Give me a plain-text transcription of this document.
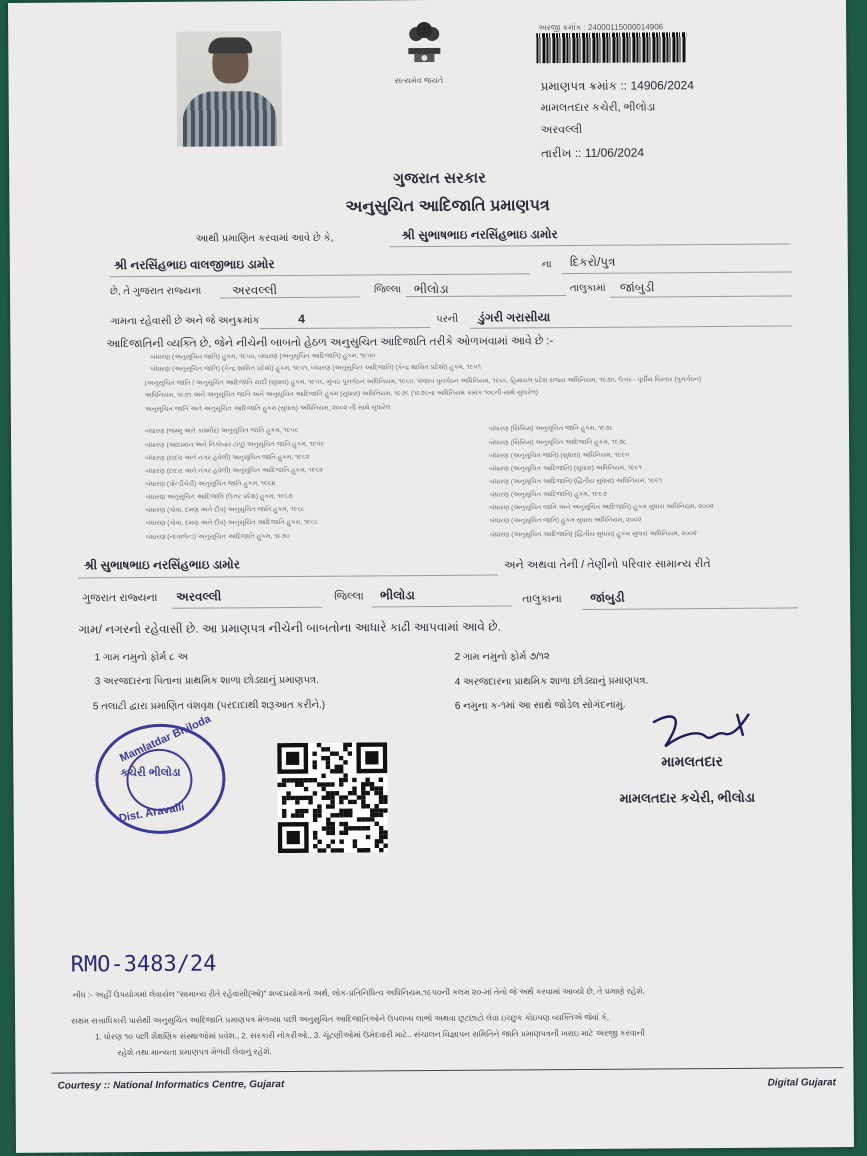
સત્યમેવ જયતે
અરજી ક્રમાંક : 24000115000014906
પ્રમાણપત્ર ક્રમાંક :: 14906/2024
મામલતદાર કચેરી, ભીલોડા
અરવલ્લી
તારીખ :: 11/06/2024
ગુજરાત સરકાર
અનુસુચિત આદિજાતિ પ્રમાણપત્ર
આથી પ્રમાણિત કરવામાં આવે છે કે,	શ્રી સુભાષભાઇ નરસિંહભાઇ ડામોર
શ્રી નરસિંહભાઇ વાલજીભાઇ ડામોર	ના દિકરો/પુત્ર
છે, તે ગુજરાત રાજ્યના	અરવલ્લી	જિલ્લા ભીલોડા	તાલુકામાં જાંબુડી
ગામના રહેવાસી છે અને જે અનુક્રમાંક	4	પરની ડુંગરી ગરાસીયા
આદિજાતિની વ્યક્તિ છે, જેને નીચેની બાબતો હેઠળ અનુસુચિત આદિજાતિ તરીકે ઓળખવામાં આવે છે :-
બંધારણ (અનુસૂચિત જાતિ) હુકમ, ૧૯૫૦, બંધારણ (અનુસૂચિત આદિજાતિ) હુકમ, ૧૯૫૦
બંધારણ (અનુસૂચિત જાતિ) (કેન્દ્ર શાસિત પ્રદેશો) હુકમ, ૧૯૫૧, બંધારણ (અનુસૂચિત આદિજાતિ) (કેન્દ્ર શાસિત પ્રદેશો) હુકમ, ૧૯૫૧
(અનુસૂચિત જાતિ / અનુસૂચિત આદિજાતિ યાદી (સુધારા) હુકમ, ૧૯૫૬, મુંબઇ પુનર્ગઠન અધિનિયમ, ૧૯૬૦, પંજાબ પુનર્ગઠન અધિનિયમ, ૧૯૬૬, હિમાચલ પ્રદેશ રાજ્ય અધિનિયમ, ૧૯૭૦, ઉત્તર - પૂર્વીય વિસ્તાર (પુનર્ગઠન)
અધિનિયમ, ૧૯૭૧ અને અનુસૂચિત જાતિ અને અનુસૂચિત આદિજાતિ હુકમ (સુધારા) અધિનિયમ, ૧૯૭૬ (૧૯૭૬ના અધિનિયમ ક્રમાંક ૧૦૮ની સાથે સુધારેલ)
અનુસૂચિત જાતિ અને અનુસૂચિત આદિજાતિ હુકમ (સુધારા) અધિનિયમ, ૨૦૦૨ ની સાથે સુધારેલ
બંધારણ (જમ્મુ અને કાશ્મીર) અનુસૂચિત જાતિ હુકમ, ૧૯૫૬
બંધારણ (આંદામાન અને નિકોબાર ટાપુ) અનુસૂચિત જાતિ હુકમ, ૧૯૫૯
બંધારણ (દાદરા અને નગર હવેલી) અનુસૂચિત જાતિ હુકમ, ૧૯૬૨
બંધારણ (દાદરા અને નગર હવેલી) અનુસૂચિત આદિજાતિ હુકમ, ૧૯૬૨
બંધારણ (પોન્ડીચેરી) અનુસૂચિત જાતિ હુકમ, ૧૯૬૪
બંધારણ અનુસૂચિત આદિજાતિ (ઉત્તર પ્રદેશ) હુકમ, ૧૯૬૭
બંધારણ (ગોવા, દમણ અને દીવ) અનુસૂચિત જાતિ હુકમ, ૧૯૬૮
બંધારણ (ગોવા, દમણ અને દીવ) અનુસૂચિત આદિજાતિ હુકમ, ૧૯૬૮
બંધારણ (નાગાલેન્ડ) અનુસૂચિત આદિજાતિ હુકમ, ૧૯૭૦
બંધારણ (સિક્કિમ) અનુસૂચિત જાતિ હુકમ, ૧૯૭૮
બંધારણ (સિક્કિમ) અનુસૂચિત આદિજાતિ હુકમ, ૧૯૭૮
બંધારણ (અનુસૂચિત જાતિ) (સુધારા) અધિનિયમ, ૧૯૯૦
બંધારણ (અનુસૂચિત આદિજાતિ) (સુધારા) અધિનિયમ, ૧૯૯૧
બંધારણ (અનુસૂચિત આદિજાતિ) (દ્વિતીય સુધારા) અધિનિયમ, ૧૯૯૧
બંધારણ (અનુસૂચિત આદિજાતિ) હુકમ, ૧૯૯૭
બંધારણ (અનુસૂચિત જાતિ અને અનુસૂચિત આદિજાતિ) હુકમ સુધારા અધિનિયમ, ૨૦૦૨
બંધારણ (અનુસૂચિત જાતિ) હુકમ સુધારા અધિનિયમ, ૨૦૦૨
બંધારણ (અનુસૂચિત આદિજાતિ) (દ્વિતીય સુધારા) હુકમ સુધારા અધિનિયમ, ૨૦૦૨
શ્રી સુભાષભાઇ નરસિંહભાઇ ડામોર	અને અથવા તેની / તેણીનો પરિવાર સામાન્ય રીતે
ગુજરાત રાજ્યના અરવલ્લી	જિલ્લા ભીલોડા	તાલુકાના જાંબુડી
ગામ/ નગરનો રહેવાસી છે. આ પ્રમાણપત્ર નીચેની બાબતોના આધારે કાઢી આપવામાં આવે છે.
1 ગામ નમુનો ફોર્મ ૮ અ
3 અરજદારના પિતાના પ્રાથમિક શાળા છોડ્યાનું પ્રમાણપત્ર.
5 તલાટી દ્વારા પ્રમાણિત વંશવૃક્ષ (પરદાદાથી શરૂઆત કરીને.)
2 ગામ નમુનો ફોર્મ ૭/૧૨
4 અરજદારના પ્રાથમિક શાળા છોડ્યાનું પ્રમાણપત્ર.
6 નમુના ક-૧માં આ સાથે જોડેલ સોગંદનામું.
Mamlatdar Bhiloda
કચેરી ભીલોડા
Dist. Aravalli
મામલતદાર
મામલતદાર કચેરી, ભીલોડા
RMO-3483/24
નોંધ :- અહીં ઉપયોગમાં લેવાયેલ "સામાન્ય રીતે રહેવાસી(ઓ)" શબ્દપ્રયોગનો અર્થ, લોક-પ્રતિનિધિત્વ અધિનિયમ,૧૯૫૦ની કલમ ૨૦-માં તેનો જે અર્થ કરવામાં આવ્યો છે, તે પ્રમાણે રહેશે.
સક્ષમ સત્તાધિકારી પાસેથી અનુસુચિત આદિજાતિ પ્રમાણપત્ર મેળવ્યા પછી અનુસુચિત આદિજાતિઓને ઉપલબ્ધ લાભો અથવા છૂટછાટો લેવા ઇચ્છુક કોઇપણ વ્યક્તિએ જેવાં કે,
1. ધોરણ ૧૦ પછી શૈક્ષણિક સંસ્થાઓમાં પ્રવેશ., 2. સરકારી નોકરીઓ., 3. ચૂંટણીઓમાં ઉમેદવારી માટે.. સંચાલન વિજ્ઞાપન સમિતિને જાતિ પ્રમાણપત્રની ખરાઇ માટે અરજી કરવાની
રહેશે તથા માન્યતા પ્રમાણપત્ર મેળવી લેવાનું રહેશે.
Courtesy :: National Informatics Centre, Gujarat	Digital Gujarat
